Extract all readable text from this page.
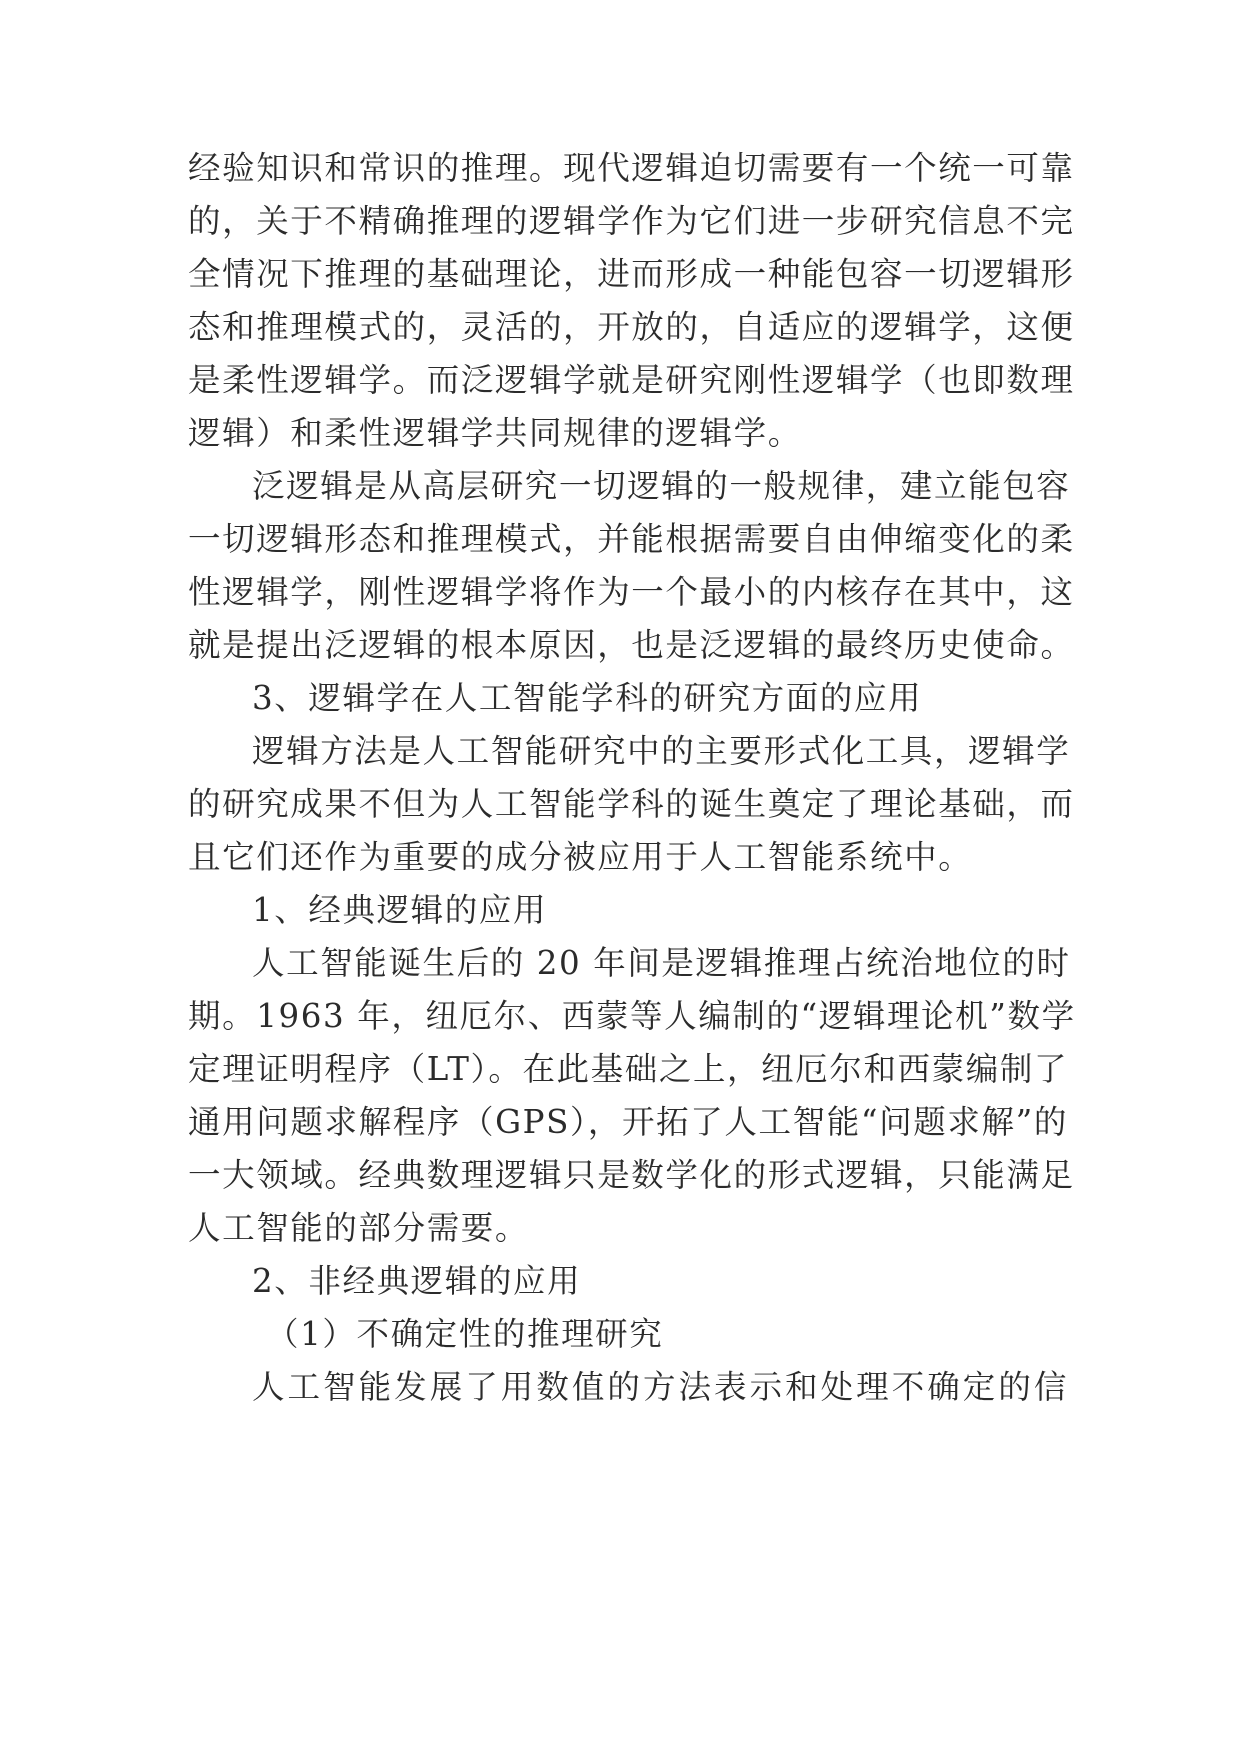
经验知识和常识的推理。现代逻辑迫切需要有一个统一可靠
的，关于不精确推理的逻辑学作为它们进一步研究信息不完
全情况下推理的基础理论，进而形成一种能包容一切逻辑形
态和推理模式的，灵活的，开放的，自适应的逻辑学，这便
是柔性逻辑学。而泛逻辑学就是研究刚性逻辑学（也即数理
逻辑）和柔性逻辑学共同规律的逻辑学。
泛逻辑是从高层研究一切逻辑的一般规律，建立能包容
一切逻辑形态和推理模式，并能根据需要自由伸缩变化的柔
性逻辑学，刚性逻辑学将作为一个最小的内核存在其中，这
就是提出泛逻辑的根本原因，也是泛逻辑的最终历史使命。
3、逻辑学在人工智能学科的研究方面的应用
逻辑方法是人工智能研究中的主要形式化工具，逻辑学
的研究成果不但为人工智能学科的诞生奠定了理论基础，而
且它们还作为重要的成分被应用于人工智能系统中。
1、经典逻辑的应用
人工智能诞生后的 20 年间是逻辑推理占统治地位的时
期。1963 年，纽厄尔、西蒙等人编制的“逻辑理论机”数学
定理证明程序（LT）。在此基础之上，纽厄尔和西蒙编制了
通用问题求解程序（GPS），开拓了人工智能“问题求解”的
一大领域。经典数理逻辑只是数学化的形式逻辑，只能满足
人工智能的部分需要。
2、非经典逻辑的应用
（1）不确定性的推理研究
人工智能发展了用数值的方法表示和处理不确定的信
